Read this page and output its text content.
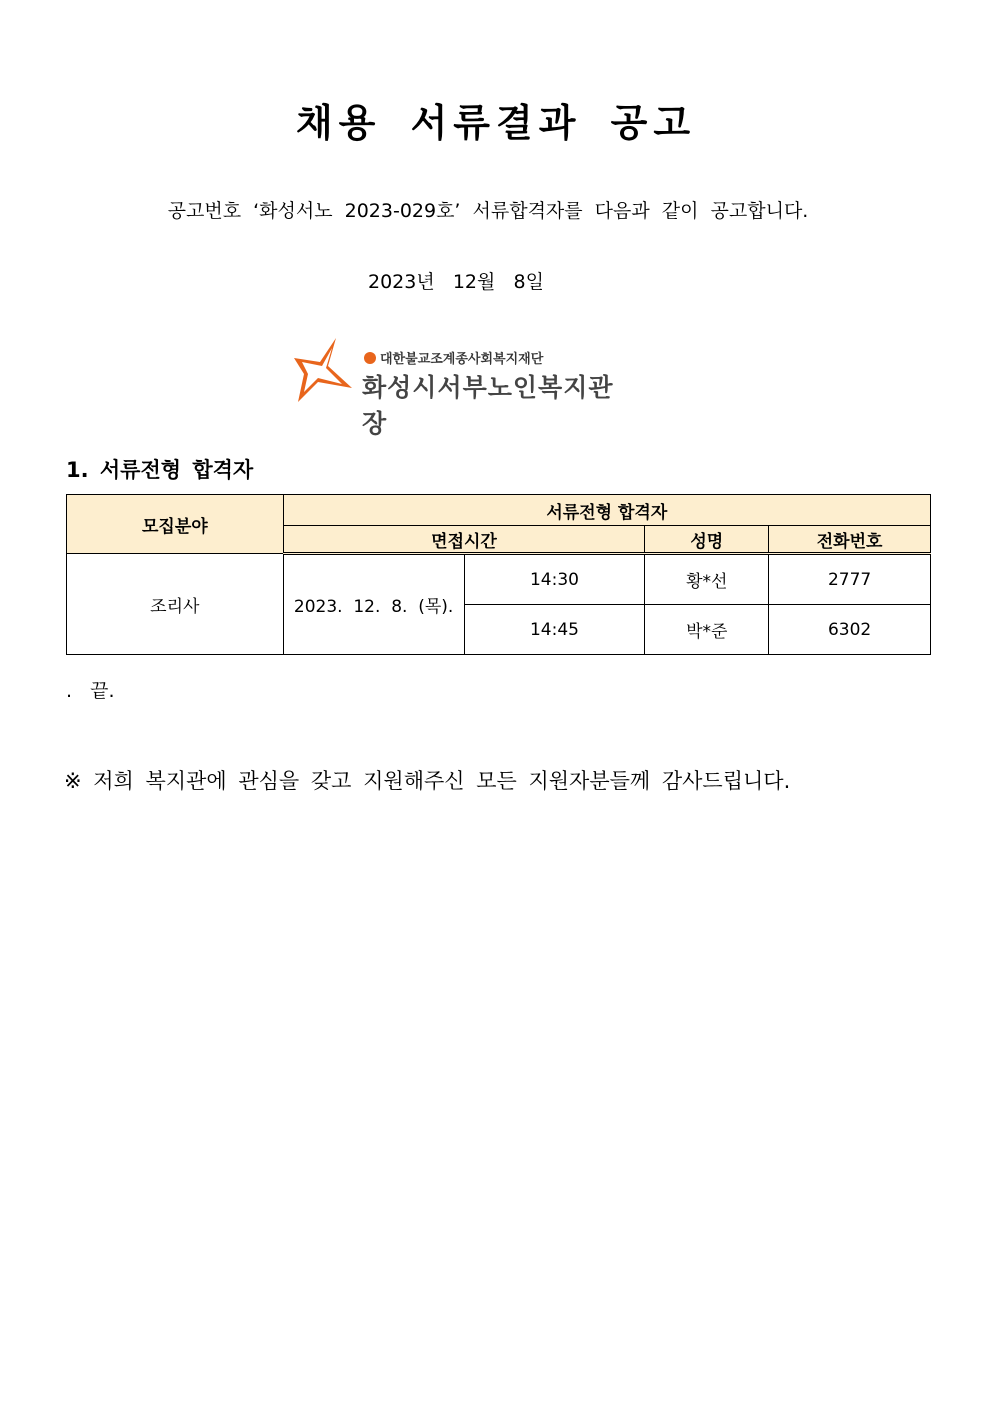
채용 서류결과 공고
공고번호 ‘화성서노 2023-029호’ 서류합격자를 다음과 같이 공고합니다.
2023년   12월   8일
대한불교조계종사회복지재단
화성시서부노인복지관장
1. 서류전형 합격자
모집분야	서류전형 합격자			
	면접시간		성명	전화번호
조리사	2023.  12.  8.  (목).	14:30	황*선	2777
		14:45	박*준	6302
.   끝.
※ 저희 복지관에 관심을 갖고 지원해주신 모든 지원자분들께 감사드립니다.
